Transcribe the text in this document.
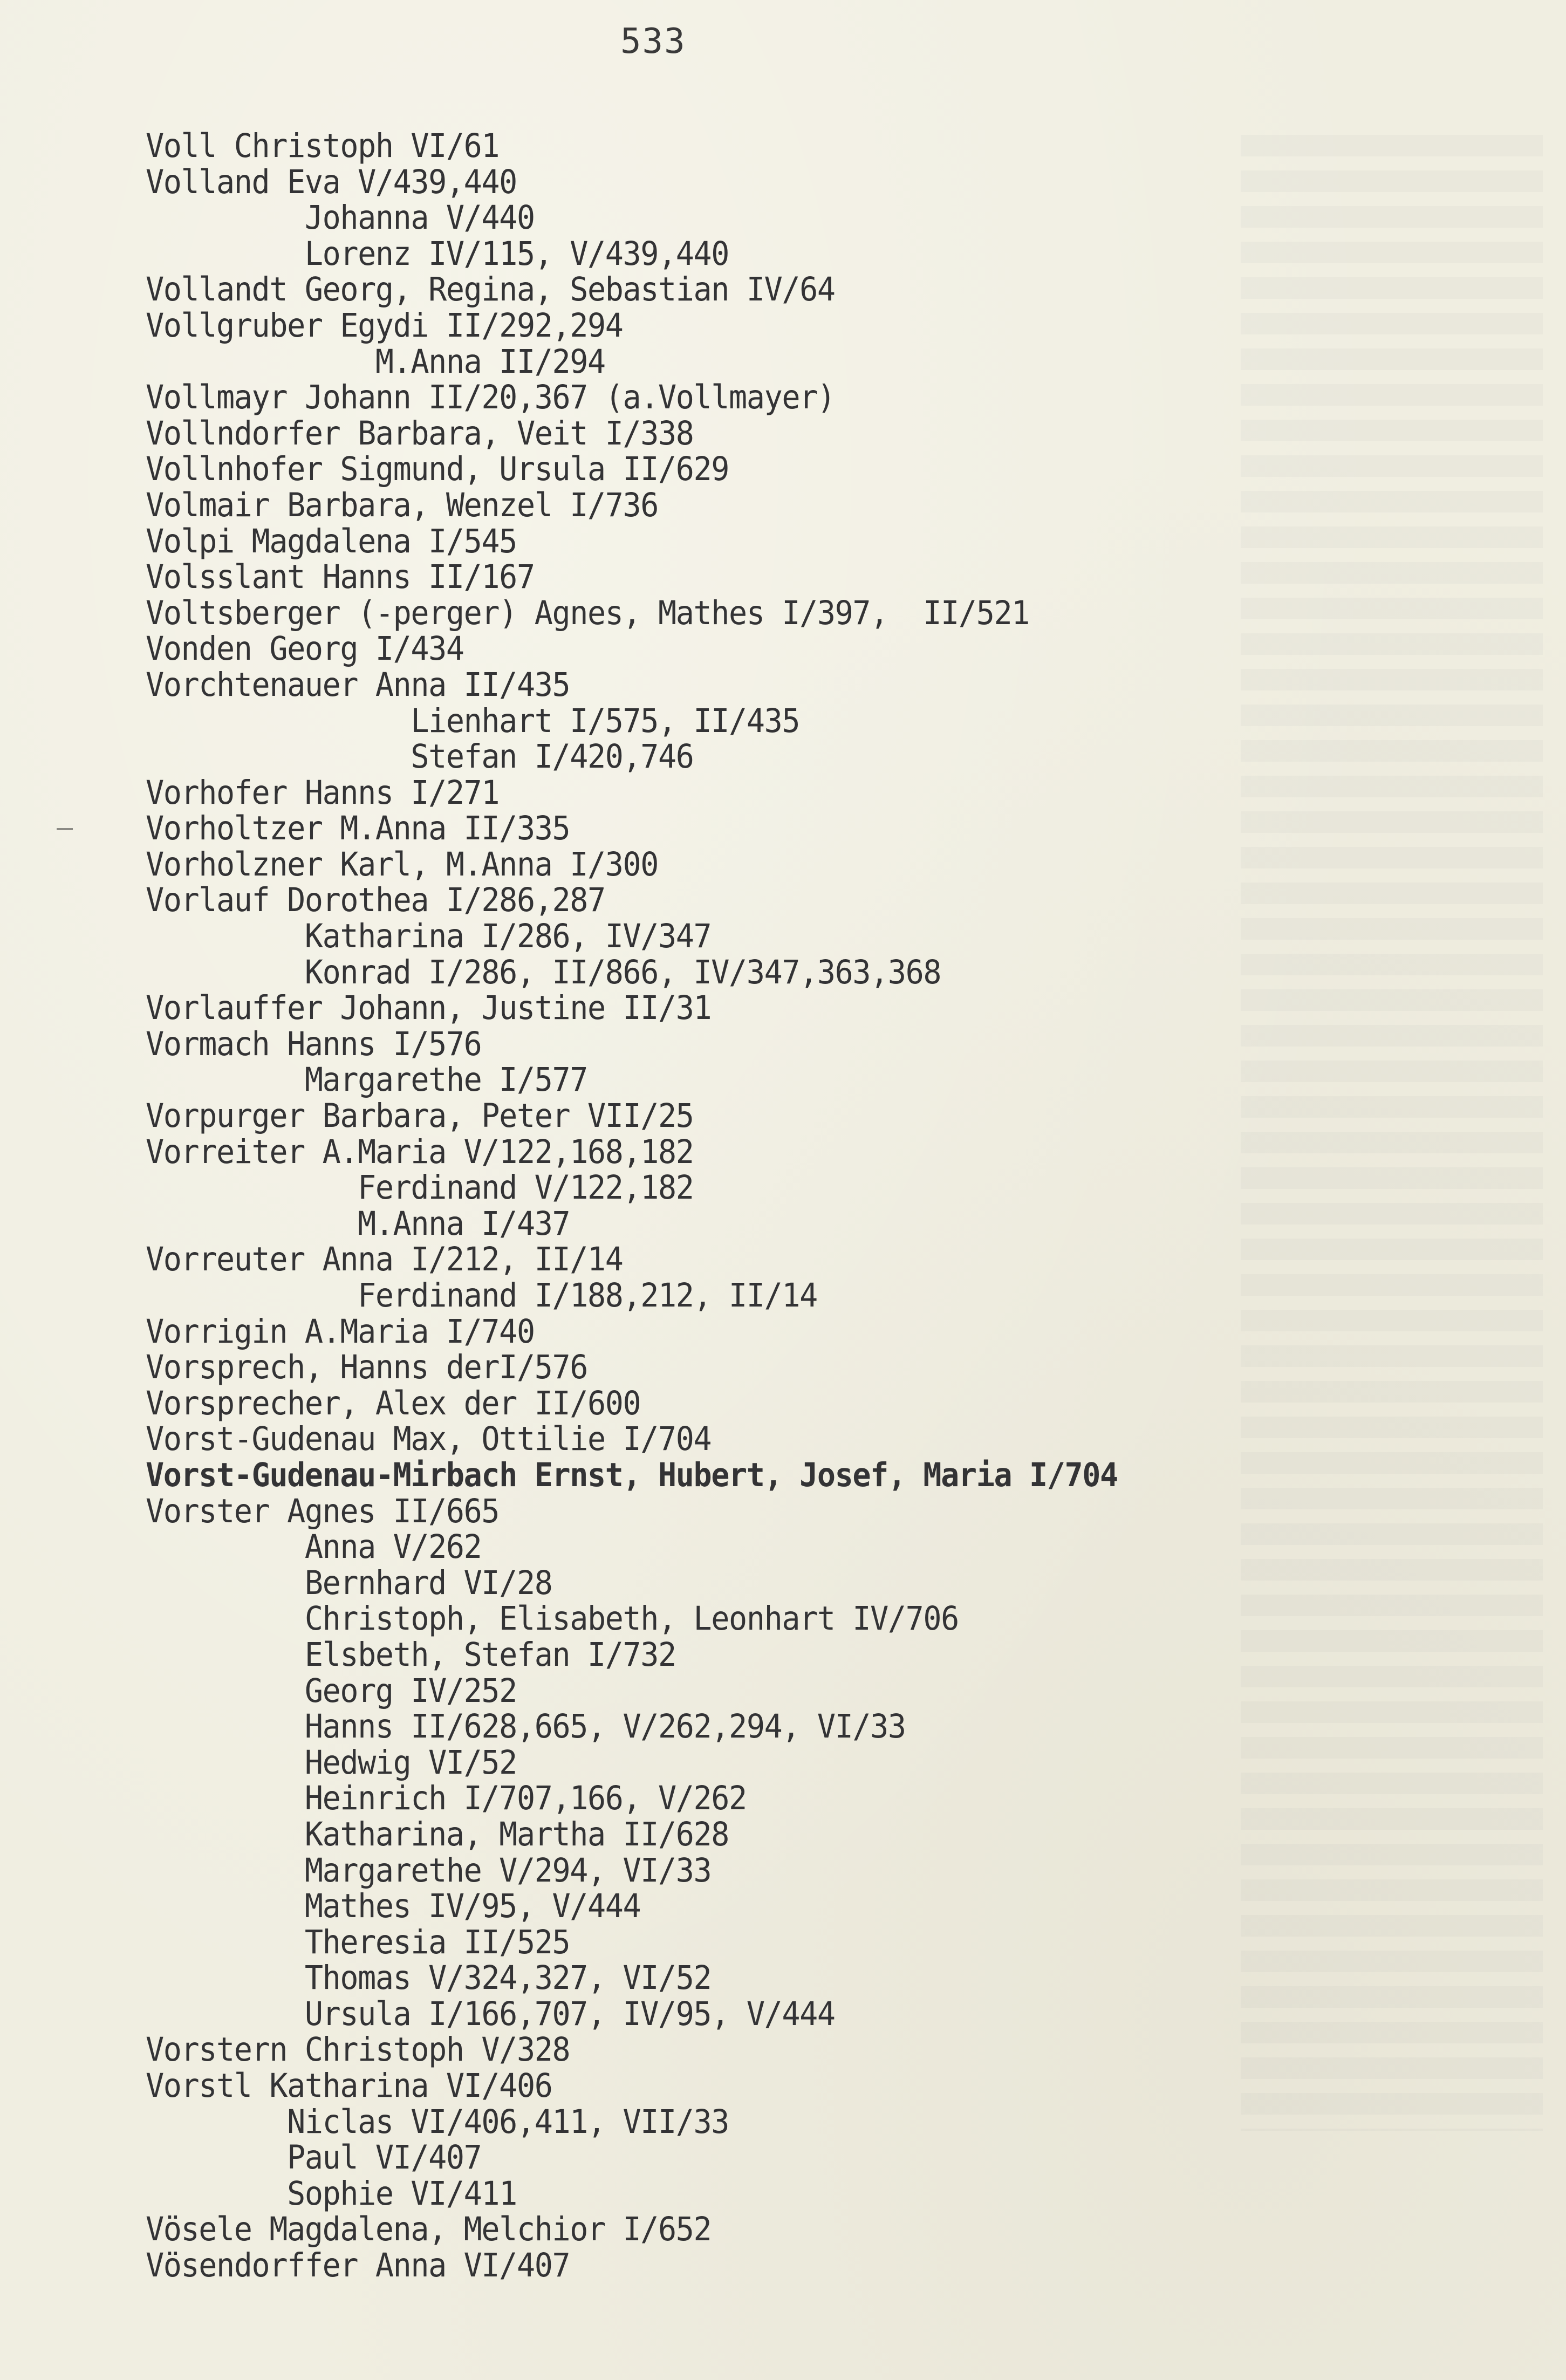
533
Voll Christoph VI/61
Volland Eva V/439,440
Johanna V/440
Lorenz IV/115, V/439,440
Vollandt Georg, Regina, Sebastian IV/64
Vollgruber Egydi II/292,294
M.Anna II/294
Vollmayr Johann II/20,367 (a.Vollmayer)
Vollndorfer Barbara, Veit I/338
Vollnhofer Sigmund, Ursula II/629
Volmair Barbara, Wenzel I/736
Volpi Magdalena I/545
Volsslant Hanns II/167
Voltsberger (-perger) Agnes, Mathes I/397,  II/521
Vonden Georg I/434
Vorchtenauer Anna II/435
Lienhart I/575, II/435
Stefan I/420,746
Vorhofer Hanns I/271
Vorholtzer M.Anna II/335
Vorholzner Karl, M.Anna I/300
Vorlauf Dorothea I/286,287
Katharina I/286, IV/347
Konrad I/286, II/866, IV/347,363,368
Vorlauffer Johann, Justine II/31
Vormach Hanns I/576
Margarethe I/577
Vorpurger Barbara, Peter VII/25
Vorreiter A.Maria V/122,168,182
Ferdinand V/122,182
M.Anna I/437
Vorreuter Anna I/212, II/14
Ferdinand I/188,212, II/14
Vorrigin A.Maria I/740
Vorsprech, Hanns derI/576
Vorsprecher, Alex der II/600
Vorst-Gudenau Max, Ottilie I/704
Vorst-Gudenau-Mirbach Ernst, Hubert, Josef, Maria I/704
Vorster Agnes II/665
Anna V/262
Bernhard VI/28
Christoph, Elisabeth, Leonhart IV/706
Elsbeth, Stefan I/732
Georg IV/252
Hanns II/628,665, V/262,294, VI/33
Hedwig VI/52
Heinrich I/707,166, V/262
Katharina, Martha II/628
Margarethe V/294, VI/33
Mathes IV/95, V/444
Theresia II/525
Thomas V/324,327, VI/52
Ursula I/166,707, IV/95, V/444
Vorstern Christoph V/328
Vorstl Katharina VI/406
Niclas VI/406,411, VII/33
Paul VI/407
Sophie VI/411
Vösele Magdalena, Melchior I/652
Vösendorffer Anna VI/407
